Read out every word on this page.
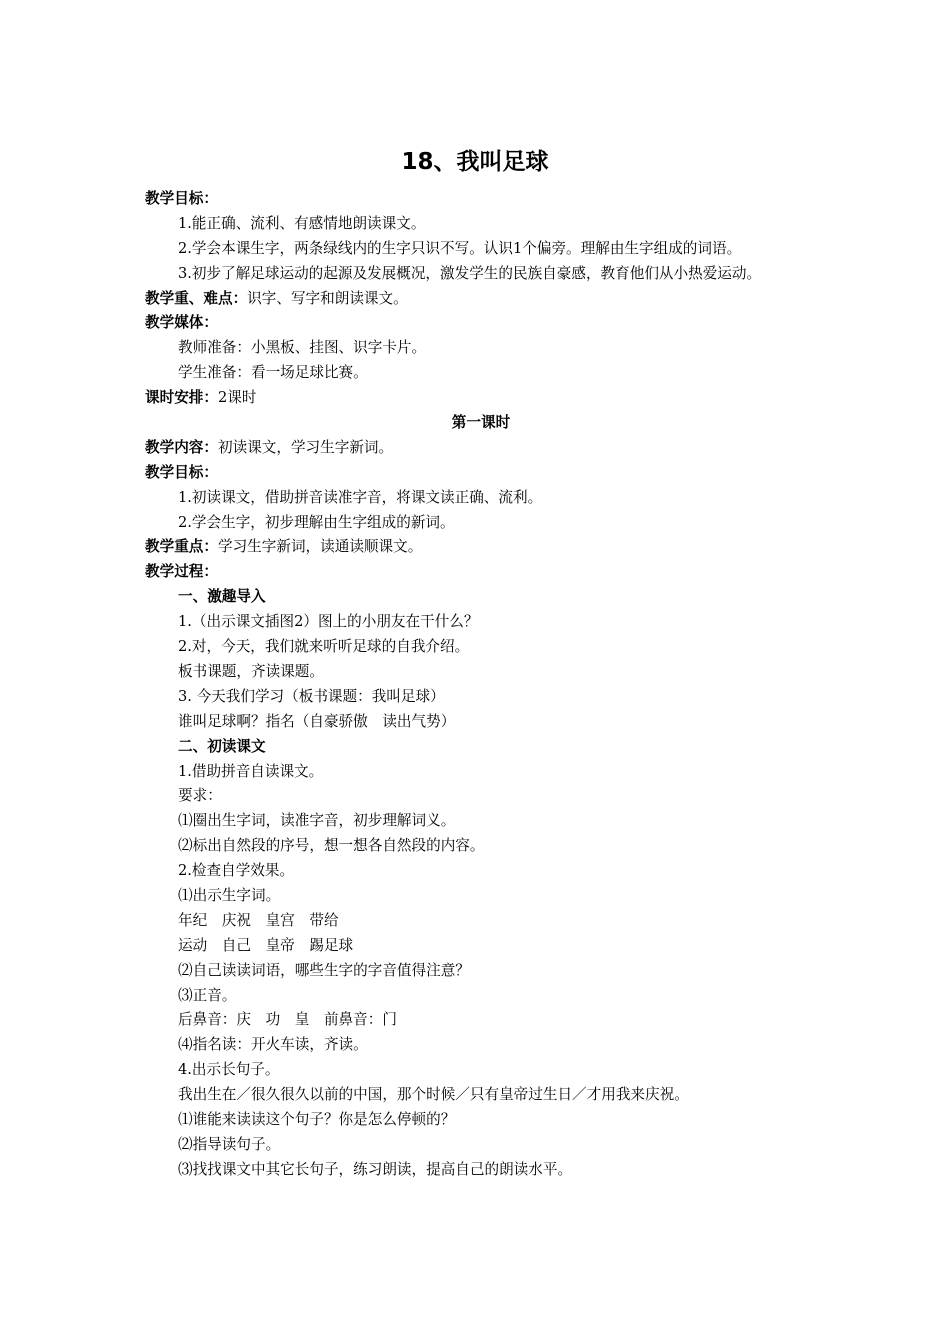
18、我叫足球
教学目标：
1.能正确、流利、有感情地朗读课文。
2.学会本课生字，两条绿线内的生字只识不写。认识1个偏旁。理解由生字组成的词语。
3.初步了解足球运动的起源及发展概况，激发学生的民族自豪感，教育他们从小热爱运动。
教学重、难点：识字、写字和朗读课文。
教学媒体：
教师准备：小黑板、挂图、识字卡片。
学生准备：看一场足球比赛。
课时安排：2课时
第一课时
教学内容：初读课文，学习生字新词。
教学目标：
1.初读课文，借助拼音读准字音，将课文读正确、流利。
2.学会生字，初步理解由生字组成的新词。
教学重点：学习生字新词，读通读顺课文。
教学过程：
一、激趣导入
1.（出示课文插图2）图上的小朋友在干什么？
2.对，今天，我们就来听听足球的自我介绍。
板书课题，齐读课题。
3. 今天我们学习（板书课题：我叫足球）
谁叫足球啊？指名（自豪骄傲　读出气势）
二、初读课文
1.借助拼音自读课文。
要求：
⑴圈出生字词，读准字音，初步理解词义。
⑵标出自然段的序号，想一想各自然段的内容。
2.检查自学效果。
⑴出示生字词。
年纪　庆祝　皇宫　带给
运动　自己　皇帝　踢足球
⑵自己读读词语，哪些生字的字音值得注意？
⑶正音。
后鼻音：庆　功　皇　前鼻音：门
⑷指名读：开火车读，齐读。
4.出示长句子。
我出生在／很久很久以前的中国，那个时候／只有皇帝过生日／才用我来庆祝。
⑴谁能来读读这个句子？你是怎么停顿的？
⑵指导读句子。
⑶找找课文中其它长句子，练习朗读，提高自己的朗读水平。
